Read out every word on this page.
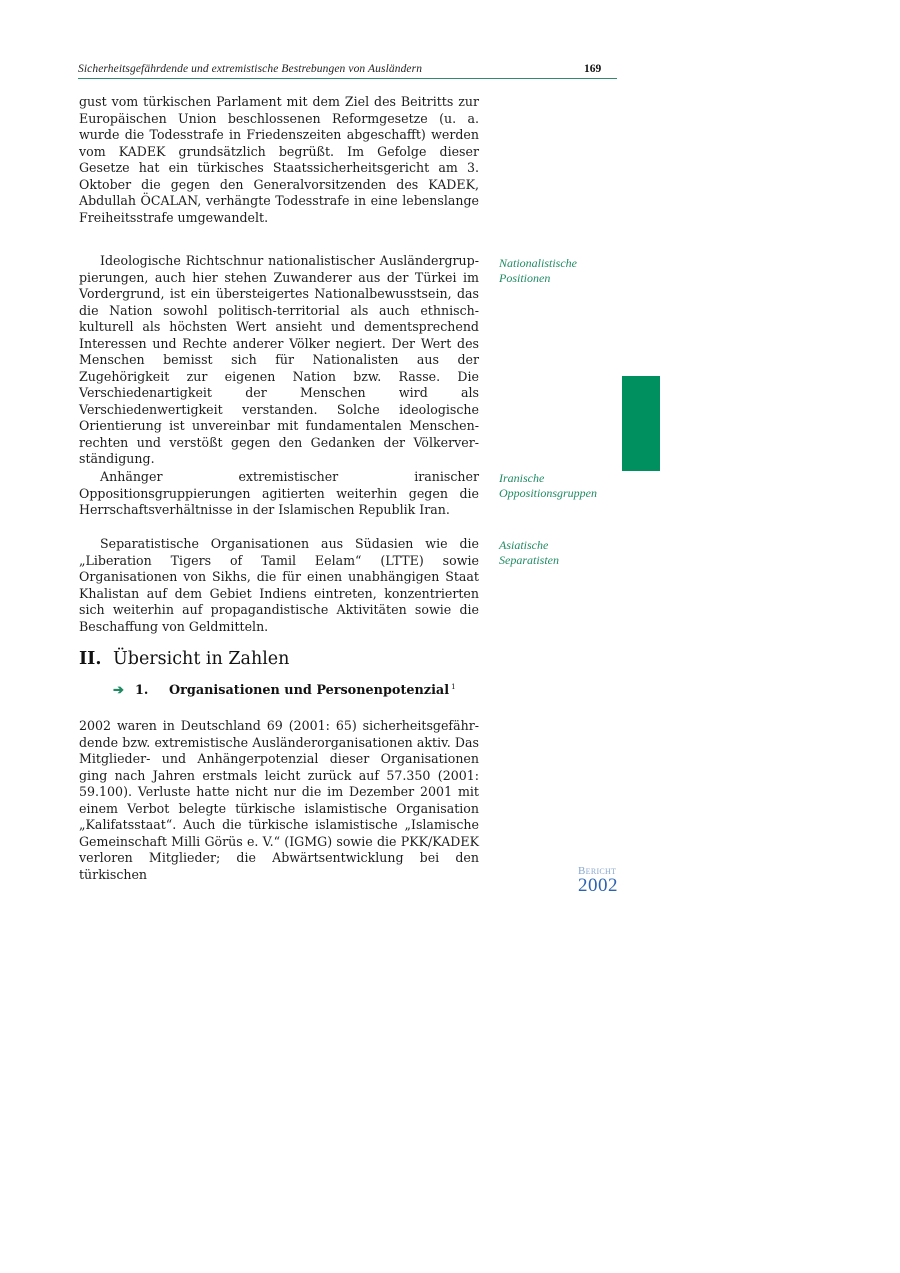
Sicherheitsgefährdende und extremistische Bestrebungen von Ausländern	169

gust vom türkischen Parlament mit dem Ziel des Beitritts zur Europäischen Union beschlossenen Reformgesetze (u. a. wurde die Todesstrafe in Friedenszeiten abgeschafft) werden vom KADEK grundsätzlich begrüßt. Im Gefolge dieser Gesetze hat ein türkisches Staatssicherheitsgericht am 3. Oktober die gegen den Generalvorsitzenden des KADEK, Abdullah ÖCALAN, verhängte Todesstrafe in eine lebenslange Freiheitsstrafe umgewandelt.

Ideologische Richtschnur nationalistischer Ausländergruppierungen, auch hier stehen Zuwanderer aus der Türkei im Vordergrund, ist ein übersteigertes Nationalbewusstsein, das die Nation sowohl politisch-territorial als auch ethnisch-kulturell als höchsten Wert ansieht und dementsprechend Interessen und Rechte anderer Völker negiert. Der Wert des Menschen bemisst sich für Nationalisten aus der Zugehörigkeit zur eigenen Nation bzw. Rasse. Die Verschiedenartigkeit der Menschen wird als Verschiedenwertigkeit verstanden. Solche ideologische Orientierung ist unvereinbar mit fundamentalen Menschenrechten und verstößt gegen den Gedanken der Völkerverständigung.

Nationalistische
Positionen

Anhänger extremistischer iranischer Oppositionsgruppierungen agitierten weiterhin gegen die Herrschaftsverhältnisse in der Islamischen Republik Iran.

Iranische
Oppositionsgruppen

Separatistische Organisationen aus Südasien wie die „Liberation Tigers of Tamil Eelam“ (LTTE) sowie Organisationen von Sikhs, die für einen unabhängigen Staat Khalistan auf dem Gebiet Indiens eintreten, konzentrierten sich weiterhin auf propagandistische Aktivitäten sowie die Beschaffung von Geldmitteln.

Asiatische
Separatisten
II. Übersicht in Zahlen
➔ 1. Organisationen und Personenpotenzial $^1$

2002 waren in Deutschland 69 (2001: 65) sicherheitsgefährdende bzw. extremistische Ausländerorganisationen aktiv. Das Mitglieder- und Anhängerpotenzial dieser Organisationen ging nach Jahren erstmals leicht zurück auf 57.350 (2001: 59.100). Verluste hatte nicht nur die im Dezember 2001 mit einem Verbot belegte türkische islamistische Organisation „Kalifatsstaat“. Auch die türkische islamistische „Islamische Gemeinschaft Milli Görüs e. V.“ (IGMG) sowie die PKK/KADEK verloren Mitglieder; die Abwärtsentwicklung bei den türkischen	Bericht
2002
